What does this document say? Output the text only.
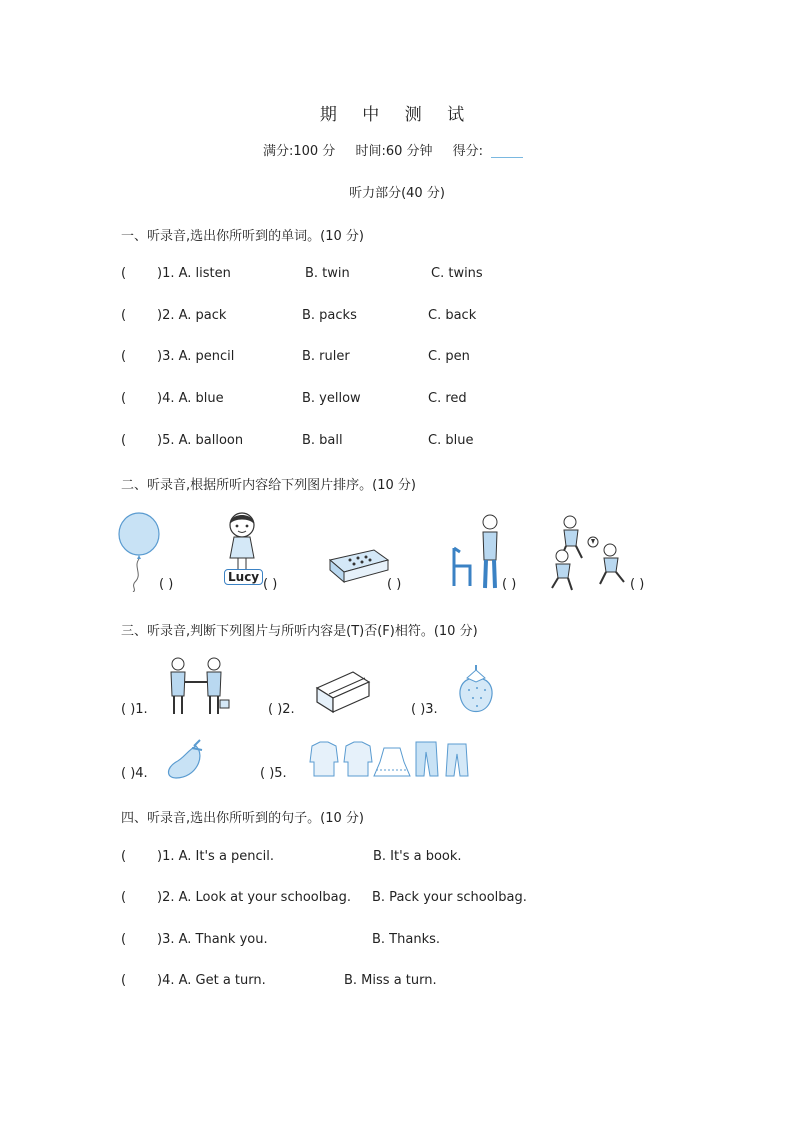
期 中 测 试
满分:100 分 时间:60 分钟 得分:
听力部分(40 分)
一、听录音,选出你所听到的单词。(10 分)
( )1. A. listen	B. twin	C. twins
( )2. A. pack	B. packs	C. back
( )3. A. pencil	B. ruler	C. pen
( )4. A. blue	B. yellow	C. red
( )5. A. balloon	B. ball	C. blue
二、听录音,根据所听内容给下列图片排序。(10 分)
( )	Lucy ( )	( )	( )	( )
三、听录音,判断下列图片与所听内容是(T)否(F)相符。(10 分)
( )1.	( )2.	( )3.
( )4.	( )5.
四、听录音,选出你所听到的句子。(10 分)
( )1. A. It's a pencil.	B. It's a book.
( )2. A. Look at your schoolbag. B. Pack your schoolbag.
( )3. A. Thank you.	B. Thanks.
( )4. A. Get a turn.	B. Miss a turn.
